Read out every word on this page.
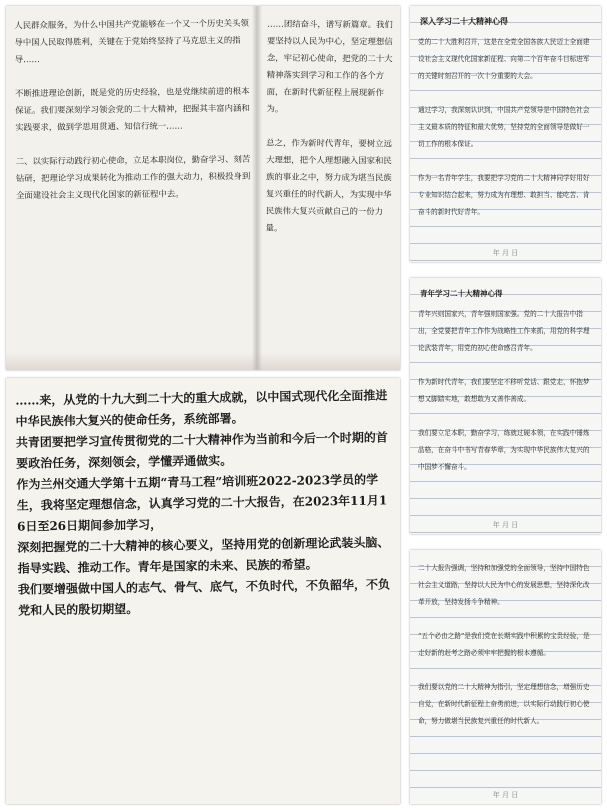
人民群众服务，为什么中国共产党能够在一个又一个历史关头领导中国人民取得胜利，关键在于党始终坚持了马克思主义的指导……

不断推进理论创新，既是党的历史经验，也是党继续前进的根本保证。我们要深刻学习领会党的二十大精神，把握其丰富内涵和实践要求，做到学思用贯通、知信行统一……

二、以实际行动践行初心使命，立足本职岗位，勤奋学习、刻苦钻研，把理论学习成果转化为推动工作的强大动力，积极投身到全面建设社会主义现代化国家的新征程中去。
……团结奋斗，谱写新篇章。我们要坚持以人民为中心，坚定理想信念，牢记初心使命，把党的二十大精神落实到学习和工作的各个方面，在新时代新征程上展现新作为。

总之，作为新时代青年，要树立远大理想，把个人理想融入国家和民族的事业之中，努力成为堪当民族复兴重任的时代新人，为实现中华民族伟大复兴贡献自己的一份力量。
……来，从党的十九大到二十大的重大成就，以中国式现代化全面推进中华民族伟大复兴的使命任务，系统部署。
共青团要把学习宣传贯彻党的二十大精神作为当前和今后一个时期的首要政治任务，深刻领会，学懂弄通做实。
作为兰州交通大学第十五期“青马工程”培训班2022-2023学员的学生，我将坚定理想信念，认真学习党的二十大报告，在2023年11月16日至26日期间参加学习，
深刻把握党的二十大精神的核心要义，坚持用党的创新理论武装头脑、指导实践、推动工作。青年是国家的未来、民族的希望。
我们要增强做中国人的志气、骨气、底气，不负时代，不负韶华，不负党和人民的殷切期望。
深入学习二十大精神心得
党的二十大胜利召开，这是在全党全国各族人民迈上全面建设社会主义现代化国家新征程、向第二个百年奋斗目标进军的关键时刻召开的一次十分重要的大会。

通过学习，我深刻认识到，中国共产党领导是中国特色社会主义最本质的特征和最大优势，坚持党的全面领导是做好一切工作的根本保证。

作为一名青年学生，我要把学习党的二十大精神同学好用好专业知识结合起来，努力成为有理想、敢担当、能吃苦、肯奋斗的新时代好青年。
年 月 日
青年学习二十大精神心得
青年兴则国家兴，青年强则国家强。党的二十大报告中指出，全党要把青年工作作为战略性工作来抓，用党的科学理论武装青年，用党的初心使命感召青年。

作为新时代青年，我们要坚定不移听党话、跟党走，怀抱梦想又脚踏实地，敢想敢为又善作善成。

我们要立足本职，勤奋学习，练就过硬本领，在实践中锤炼品格，在奋斗中书写青春华章，为实现中华民族伟大复兴的中国梦不懈奋斗。
年 月 日
二十大报告强调，坚持和加强党的全面领导，坚持中国特色社会主义道路，坚持以人民为中心的发展思想，坚持深化改革开放，坚持发扬斗争精神。

“五个必由之路”是我们党在长期实践中积累的宝贵经验，是走好新的赶考之路必须牢牢把握的根本遵循。

我们要以党的二十大精神为指引，坚定理想信念，增强历史自觉，在新时代新征程上奋勇前进，以实际行动践行初心使命，努力做堪当民族复兴重任的时代新人。
年 月 日
